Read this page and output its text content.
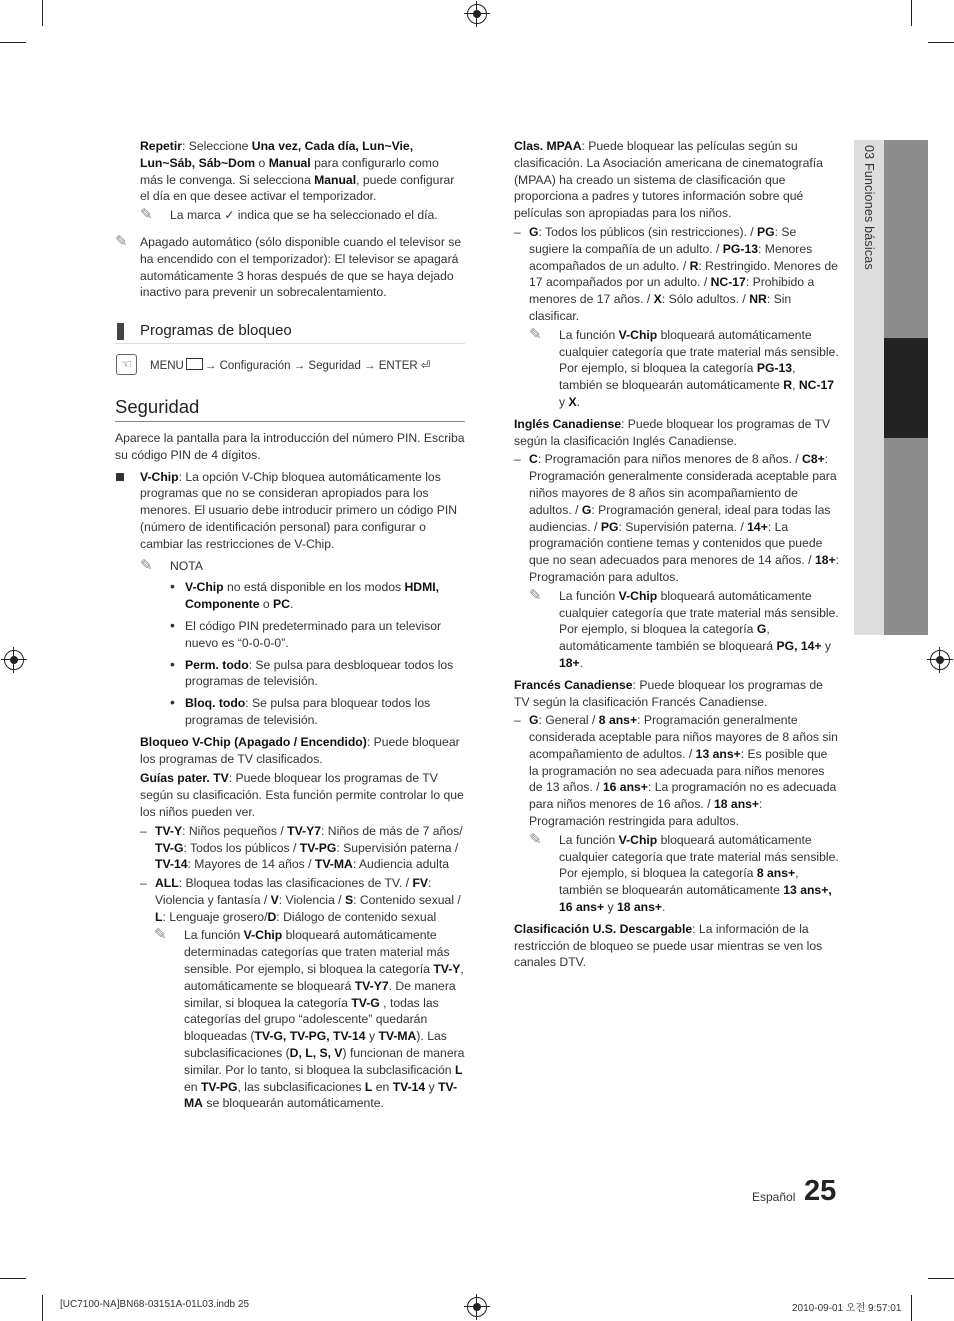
Repetir: Seleccione Una vez, Cada día, Lun~Vie, Lun~Sáb, Sáb~Dom o Manual para configurarlo como más le convenga. Si selecciona Manual, puede configurar el día en que desee activar el temporizador.

✎ La marca ✓ indica que se ha seleccionado el día.

✎ Apagado automático (sólo disponible cuando el televisor se ha encendido con el temporizador): El televisor se apagará automáticamente 3 horas después de que se haya dejado inactivo para prevenir un sobrecalentamiento.

Programas de bloqueo
☜	MENU → Configuración → Seguridad → ENTER ⏎
Seguridad

Aparece la pantalla para la introducción del número PIN. Escriba su código PIN de 4 dígitos.

V-Chip: La opción V-Chip bloquea automáticamente los programas que no se consideran apropiados para los menores. El usuario debe introducir primero un código PIN (número de identificación personal) para configurar o cambiar las restricciones de V-Chip.

✎ NOTA

• V-Chip no está disponible en los modos HDMI, Componente o PC.

• El código PIN predeterminado para un televisor nuevo es “0-0-0-0”.

• Perm. todo: Se pulsa para desbloquear todos los programas de televisión.

• Bloq. todo: Se pulsa para bloquear todos los programas de televisión.

Bloqueo V-Chip (Apagado / Encendido): Puede bloquear los programas de TV clasificados.

Guías pater. TV: Puede bloquear los programas de TV según su clasificación. Esta función permite controlar lo que los niños pueden ver.

– TV-Y: Niños pequeños / TV-Y7: Niños de más de 7 años/ TV-G: Todos los públicos / TV-PG: Supervisión paterna / TV-14: Mayores de 14 años / TV-MA: Audiencia adulta

– ALL: Bloquea todas las clasificaciones de TV. / FV: Violencia y fantasía / V: Violencia / S: Contenido sexual / L: Lenguaje grosero/D: Diálogo de contenido sexual

✎ La función V-Chip bloqueará automáticamente determinadas categorías que traten material más sensible. Por ejemplo, si bloquea la categoría TV-Y, automáticamente se bloqueará TV-Y7. De manera similar, si bloquea la categoría TV-G , todas las categorías del grupo “adolescente” quedarán bloqueadas (TV-G, TV-PG, TV-14 y TV-MA). Las subclasificaciones (D, L, S, V) funcionan de manera similar. Por lo tanto, si bloquea la subclasificación L en TV-PG, las subclasificaciones L en TV-14 y TV-MA se bloquearán automáticamente.

Clas. MPAA: Puede bloquear las películas según su clasificación. La Asociación americana de cinematografía (MPAA) ha creado un sistema de clasificación que proporciona a padres y tutores información sobre qué películas son apropiadas para los niños.

– G: Todos los públicos (sin restricciones). / PG: Se sugiere la compañía de un adulto. / PG-13: Menores acompañados de un adulto. / R: Restringido. Menores de 17 acompañados por un adulto. / NC-17: Prohibido a menores de 17 años. / X: Sólo adultos. / NR: Sin clasificar.

✎ La función V-Chip bloqueará automáticamente cualquier categoría que trate material más sensible. Por ejemplo, si bloquea la categoría PG-13, también se bloquearán automáticamente R, NC-17 y X.

Inglés Canadiense: Puede bloquear los programas de TV según la clasificación Inglés Canadiense.

– C: Programación para niños menores de 8 años. / C8+: Programación generalmente considerada aceptable para niños mayores de 8 años sin acompañamiento de adultos. / G: Programación general, ideal para todas las audiencias. / PG: Supervisión paterna. / 14+: La programación contiene temas y contenidos que puede que no sean adecuados para menores de 14 años. / 18+: Programación para adultos.

✎ La función V-Chip bloqueará automáticamente cualquier categoría que trate material más sensible. Por ejemplo, si bloquea la categoría G, automáticamente también se bloqueará PG, 14+ y 18+.

Francés Canadiense: Puede bloquear los programas de TV según la clasificación Francés Canadiense.

– G: General / 8 ans+: Programación generalmente considerada aceptable para niños mayores de 8 años sin acompañamiento de adultos. / 13 ans+: Es posible que la programación no sea adecuada para niños menores de 13 años. / 16 ans+: La programación no es adecuada para niños menores de 16 años. / 18 ans+: Programación restringida para adultos.

✎ La función V-Chip bloqueará automáticamente cualquier categoría que trate material más sensible. Por ejemplo, si bloquea la categoría 8 ans+, también se bloquearán automáticamente 13 ans+, 16 ans+ y 18 ans+.

Clasificación U.S. Descargable: La información de la restricción de bloqueo se puede usar mientras se ven los canales DTV.

03 Funciones básicas
Español 25
[UC7100-NA]BN68-03151A-01L03.indb 25	2010-09-01 오전 9:57:01
